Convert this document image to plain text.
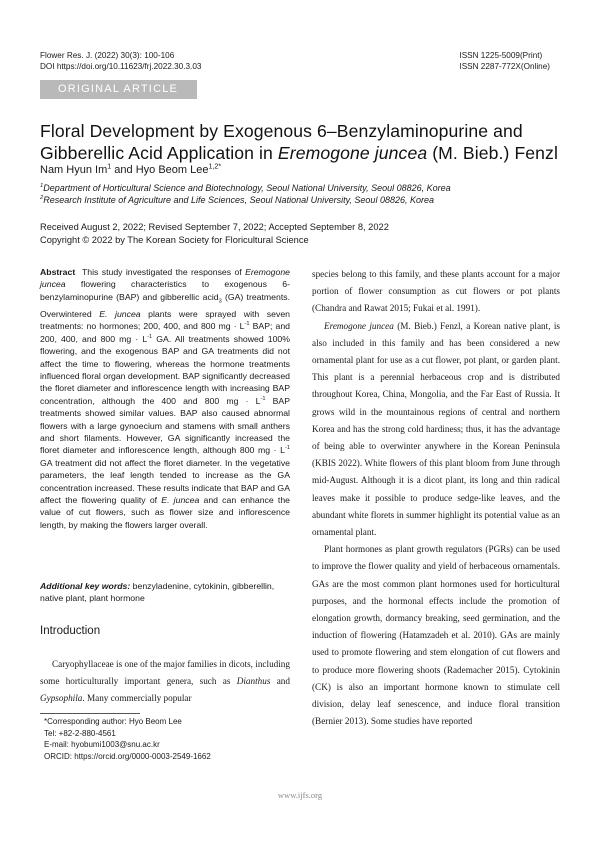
Flower Res. J. (2022) 30(3): 100-106
DOI https://doi.org/10.11623/frj.2022.30.3.03
ISSN 1225-5009(Print)
ISSN 2287-772X(Online)
ORIGINAL ARTICLE
Floral Development by Exogenous 6–Benzylaminopurine and Gibberellic Acid Application in Eremogone juncea (M. Bieb.) Fenzl
Nam Hyun Im$^1$ and Hyo Beom Lee$^{1,2*}$
$^1$Department of Horticultural Science and Biotechnology, Seoul National University, Seoul 08826, Korea
$^2$Research Institute of Agriculture and Life Sciences, Seoul National University, Seoul 08826, Korea
Received August 2, 2022; Revised September 7, 2022; Accepted September 8, 2022
Copyright © 2022 by The Korean Society for Floricultural Science
Abstract This study investigated the responses of Eremogone juncea flowering characteristics to exogenous 6-benzylaminopurine (BAP) and gibberellic acid$_3$ (GA) treatments. Overwintered E. juncea plants were sprayed with seven treatments: no hormones; 200, 400, and 800 mg · $L^{-1}$ BAP; and 200, 400, and 800 mg · $L^{-1}$ GA. All treatments showed 100% flowering, and the exogenous BAP and GA treatments did not affect the time to flowering, whereas the hormone treatments influenced floral organ development. BAP significantly decreased the floret diameter and inflorescence length with increasing BAP concentration, although the 400 and 800 mg · $L^{-1}$ BAP treatments showed similar values. BAP also caused abnormal flowers with a large gynoecium and stamens with small anthers and short filaments. However, GA significantly increased the floret diameter and inflorescence length, although 800 mg · $L^{-1}$ GA treatment did not affect the floret diameter. In the vegetative parameters, the leaf length tended to increase as the GA concentration increased. These results indicate that BAP and GA affect the flowering quality of E. juncea and can enhance the value of cut flowers, such as flower size and inflorescence length, by making the flowers larger overall.
Additional key words: benzyladenine, cytokinin, gibberellin, native plant, plant hormone
Introduction
Caryophyllaceae is one of the major families in dicots, including some horticulturally important genera, such as Dianthus and Gypsophila. Many commercially popular
*Corresponding author: Hyo Beom Lee
Tel: +82-2-880-4561
E-mail: hyobumi1003@snu.ac.kr
ORCID: https://orcid.org/0000-0003-2549-1662

species belong to this family, and these plants account for a major portion of flower consumption as cut flowers or pot plants (Chandra and Rawat 2015; Fukai et al. 1991).

Eremogone juncea (M. Bieb.) Fenzl, a Korean native plant, is also included in this family and has been considered a new ornamental plant for use as a cut flower, pot plant, or garden plant. This plant is a perennial herbaceous crop and is distributed throughout Korea, China, Mongolia, and the Far East of Russia. It grows wild in the mountainous regions of central and northern Korea and has the strong cold hardiness; thus, it has the advantage of being able to overwinter anywhere in the Korean Peninsula (KBIS 2022). White flowers of this plant bloom from June through mid-August. Although it is a dicot plant, its long and thin radical leaves make it possible to produce sedge-like leaves, and the abundant white florets in summer highlight its potential value as an ornamental plant.

Plant hormones as plant growth regulators (PGRs) can be used to improve the flower quality and yield of herbaceous ornamentals. GAs are the most common plant hormones used for horticultural purposes, and the hormonal effects include the promotion of elongation growth, dormancy breaking, seed germination, and the induction of flowering (Hatamzadeh et al. 2010). GAs are mainly used to promote flowering and stem elongation of cut flowers and to produce more flowering shoots (Rademacher 2015). Cytokinin (CK) is also an important hormone known to stimulate cell division, delay leaf senescence, and induce floral transition (Bernier 2013). Some studies have reported

www.ijfs.org
